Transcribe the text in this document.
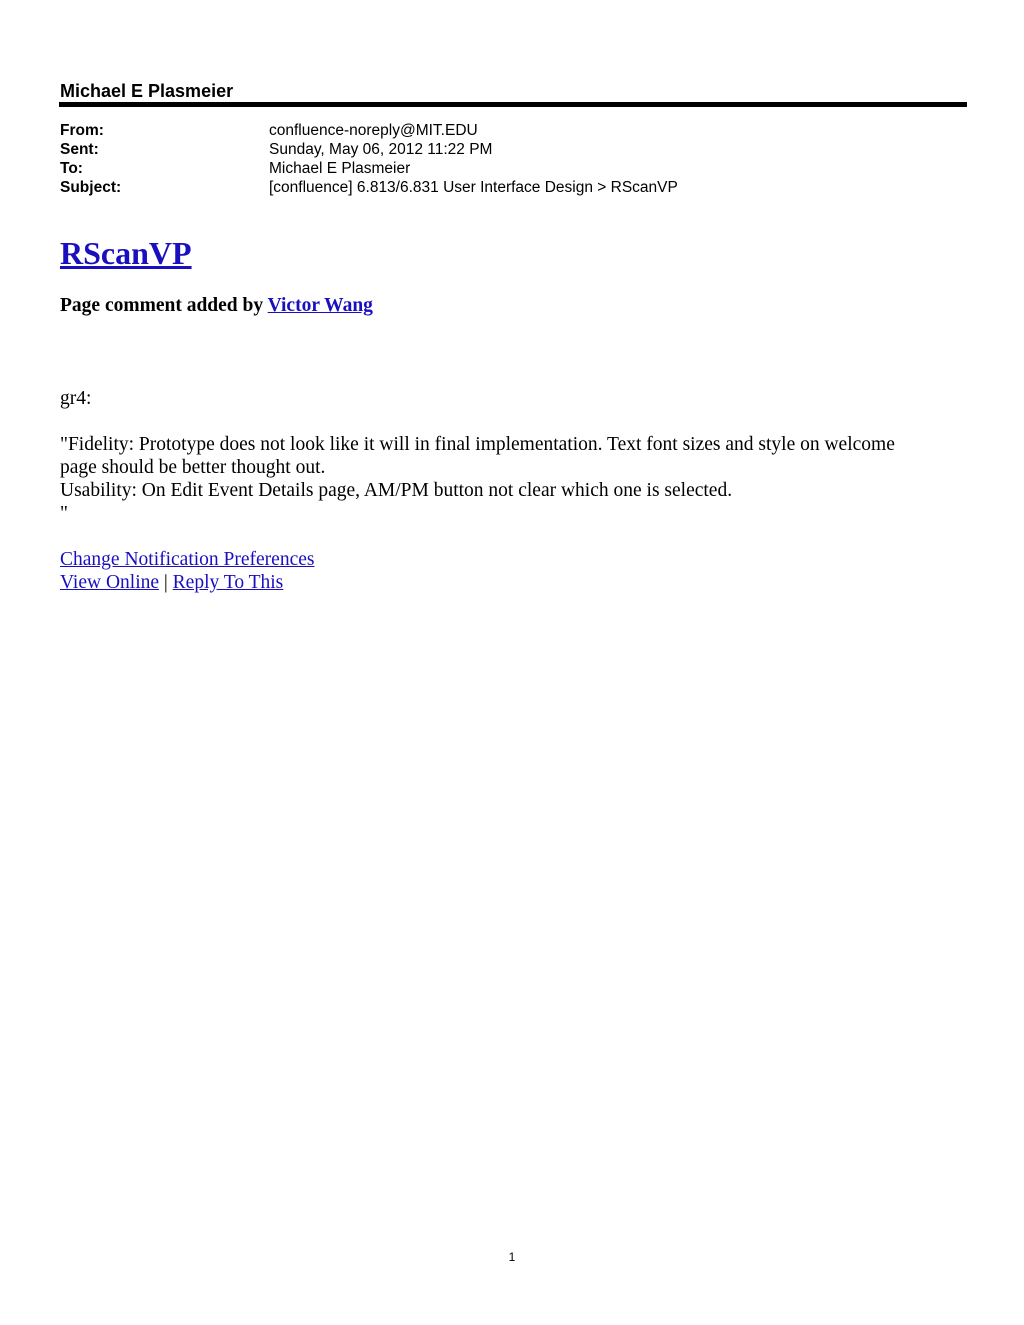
Michael E Plasmeier
From:	confluence-noreply@MIT.EDU
Sent:	Sunday, May 06, 2012 11:22 PM
To:	Michael E Plasmeier
Subject:	[confluence] 6.813/6.831 User Interface Design > RScanVP
RScanVP
Page comment added by Victor Wang
gr4:
"Fidelity: Prototype does not look like it will in final implementation. Text font sizes and style on welcome
page should be better thought out.
Usability: On Edit Event Details page, AM/PM button not clear which one is selected.
"
Change Notification Preferences
View Online | Reply To This
1
